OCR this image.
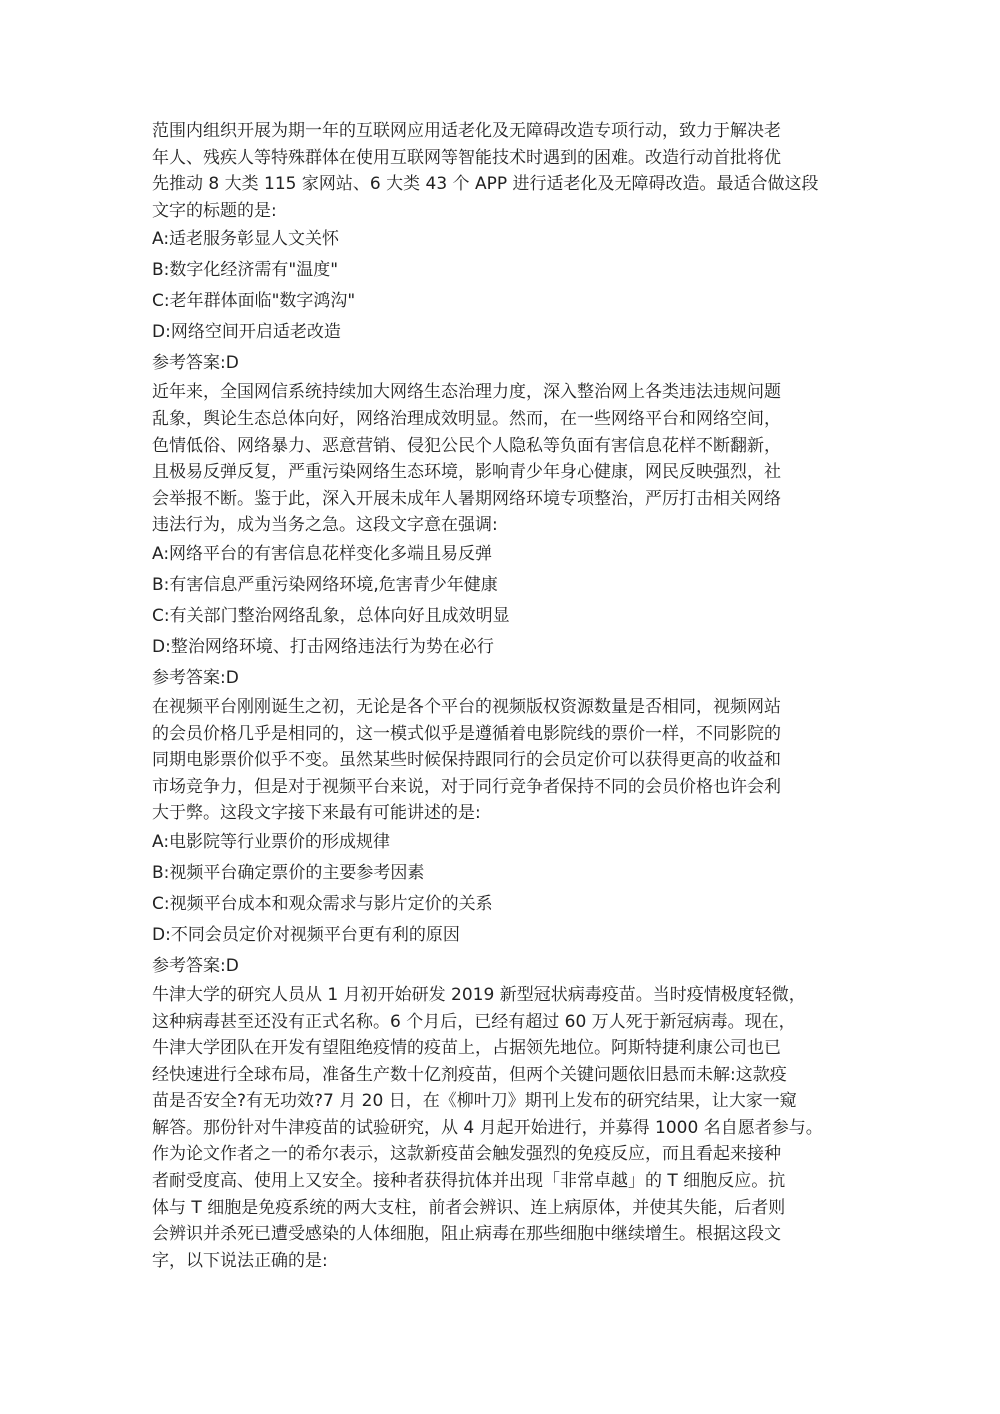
范围内组织开展为期一年的互联网应用适老化及无障碍改造专项行动，致力于解决老
年人、残疾人等特殊群体在使用互联网等智能技术时遇到的困难。改造行动首批将优
先推动 8 大类 115 家网站、6 大类 43 个 APP 进行适老化及无障碍改造。最适合做这段
文字的标题的是:
A:适老服务彰显人文关怀
B:数字化经济需有"温度"
C:老年群体面临"数字鸿沟"
D:网络空间开启适老改造
参考答案:D
近年来，全国网信系统持续加大网络生态治理力度，深入整治网上各类违法违规问题
乱象，舆论生态总体向好，网络治理成效明显。然而，在一些网络平台和网络空间，
色情低俗、网络暴力、恶意营销、侵犯公民个人隐私等负面有害信息花样不断翻新，
且极易反弹反复，严重污染网络生态环境，影响青少年身心健康，网民反映强烈，社
会举报不断。鉴于此，深入开展未成年人暑期网络环境专项整治，严厉打击相关网络
违法行为，成为当务之急。这段文字意在强调:
A:网络平台的有害信息花样变化多端且易反弹
B:有害信息严重污染网络环境,危害青少年健康
C:有关部门整治网络乱象，总体向好且成效明显
D:整治网络环境、打击网络违法行为势在必行
参考答案:D
在视频平台刚刚诞生之初，无论是各个平台的视频版权资源数量是否相同，视频网站
的会员价格几乎是相同的，这一模式似乎是遵循着电影院线的票价一样，不同影院的
同期电影票价似乎不变。虽然某些时候保持跟同行的会员定价可以获得更高的收益和
市场竞争力，但是对于视频平台来说，对于同行竞争者保持不同的会员价格也许会利
大于弊。这段文字接下来最有可能讲述的是:
A:电影院等行业票价的形成规律
B:视频平台确定票价的主要参考因素
C:视频平台成本和观众需求与影片定价的关系
D:不同会员定价对视频平台更有利的原因
参考答案:D
牛津大学的研究人员从 1 月初开始研发 2019 新型冠状病毒疫苗。当时疫情极度轻微，
这种病毒甚至还没有正式名称。6 个月后，已经有超过 60 万人死于新冠病毒。现在，
牛津大学团队在开发有望阻绝疫情的疫苗上，占据领先地位。阿斯特捷利康公司也已
经快速进行全球布局，准备生产数十亿剂疫苗，但两个关键问题依旧悬而未解:这款疫
苗是否安全?有无功效?7 月 20 日，在《柳叶刀》期刊上发布的研究结果，让大家一窥
解答。那份针对牛津疫苗的试验研究，从 4 月起开始进行，并募得 1000 名自愿者参与。
作为论文作者之一的希尔表示，这款新疫苗会触发强烈的免疫反应，而且看起来接种
者耐受度高、使用上又安全。接种者获得抗体并出现「非常卓越」的 T 细胞反应。抗
体与 T 细胞是免疫系统的两大支柱，前者会辨识、连上病原体，并使其失能，后者则
会辨识并杀死已遭受感染的人体细胞，阻止病毒在那些细胞中继续增生。根据这段文
字，以下说法正确的是:
